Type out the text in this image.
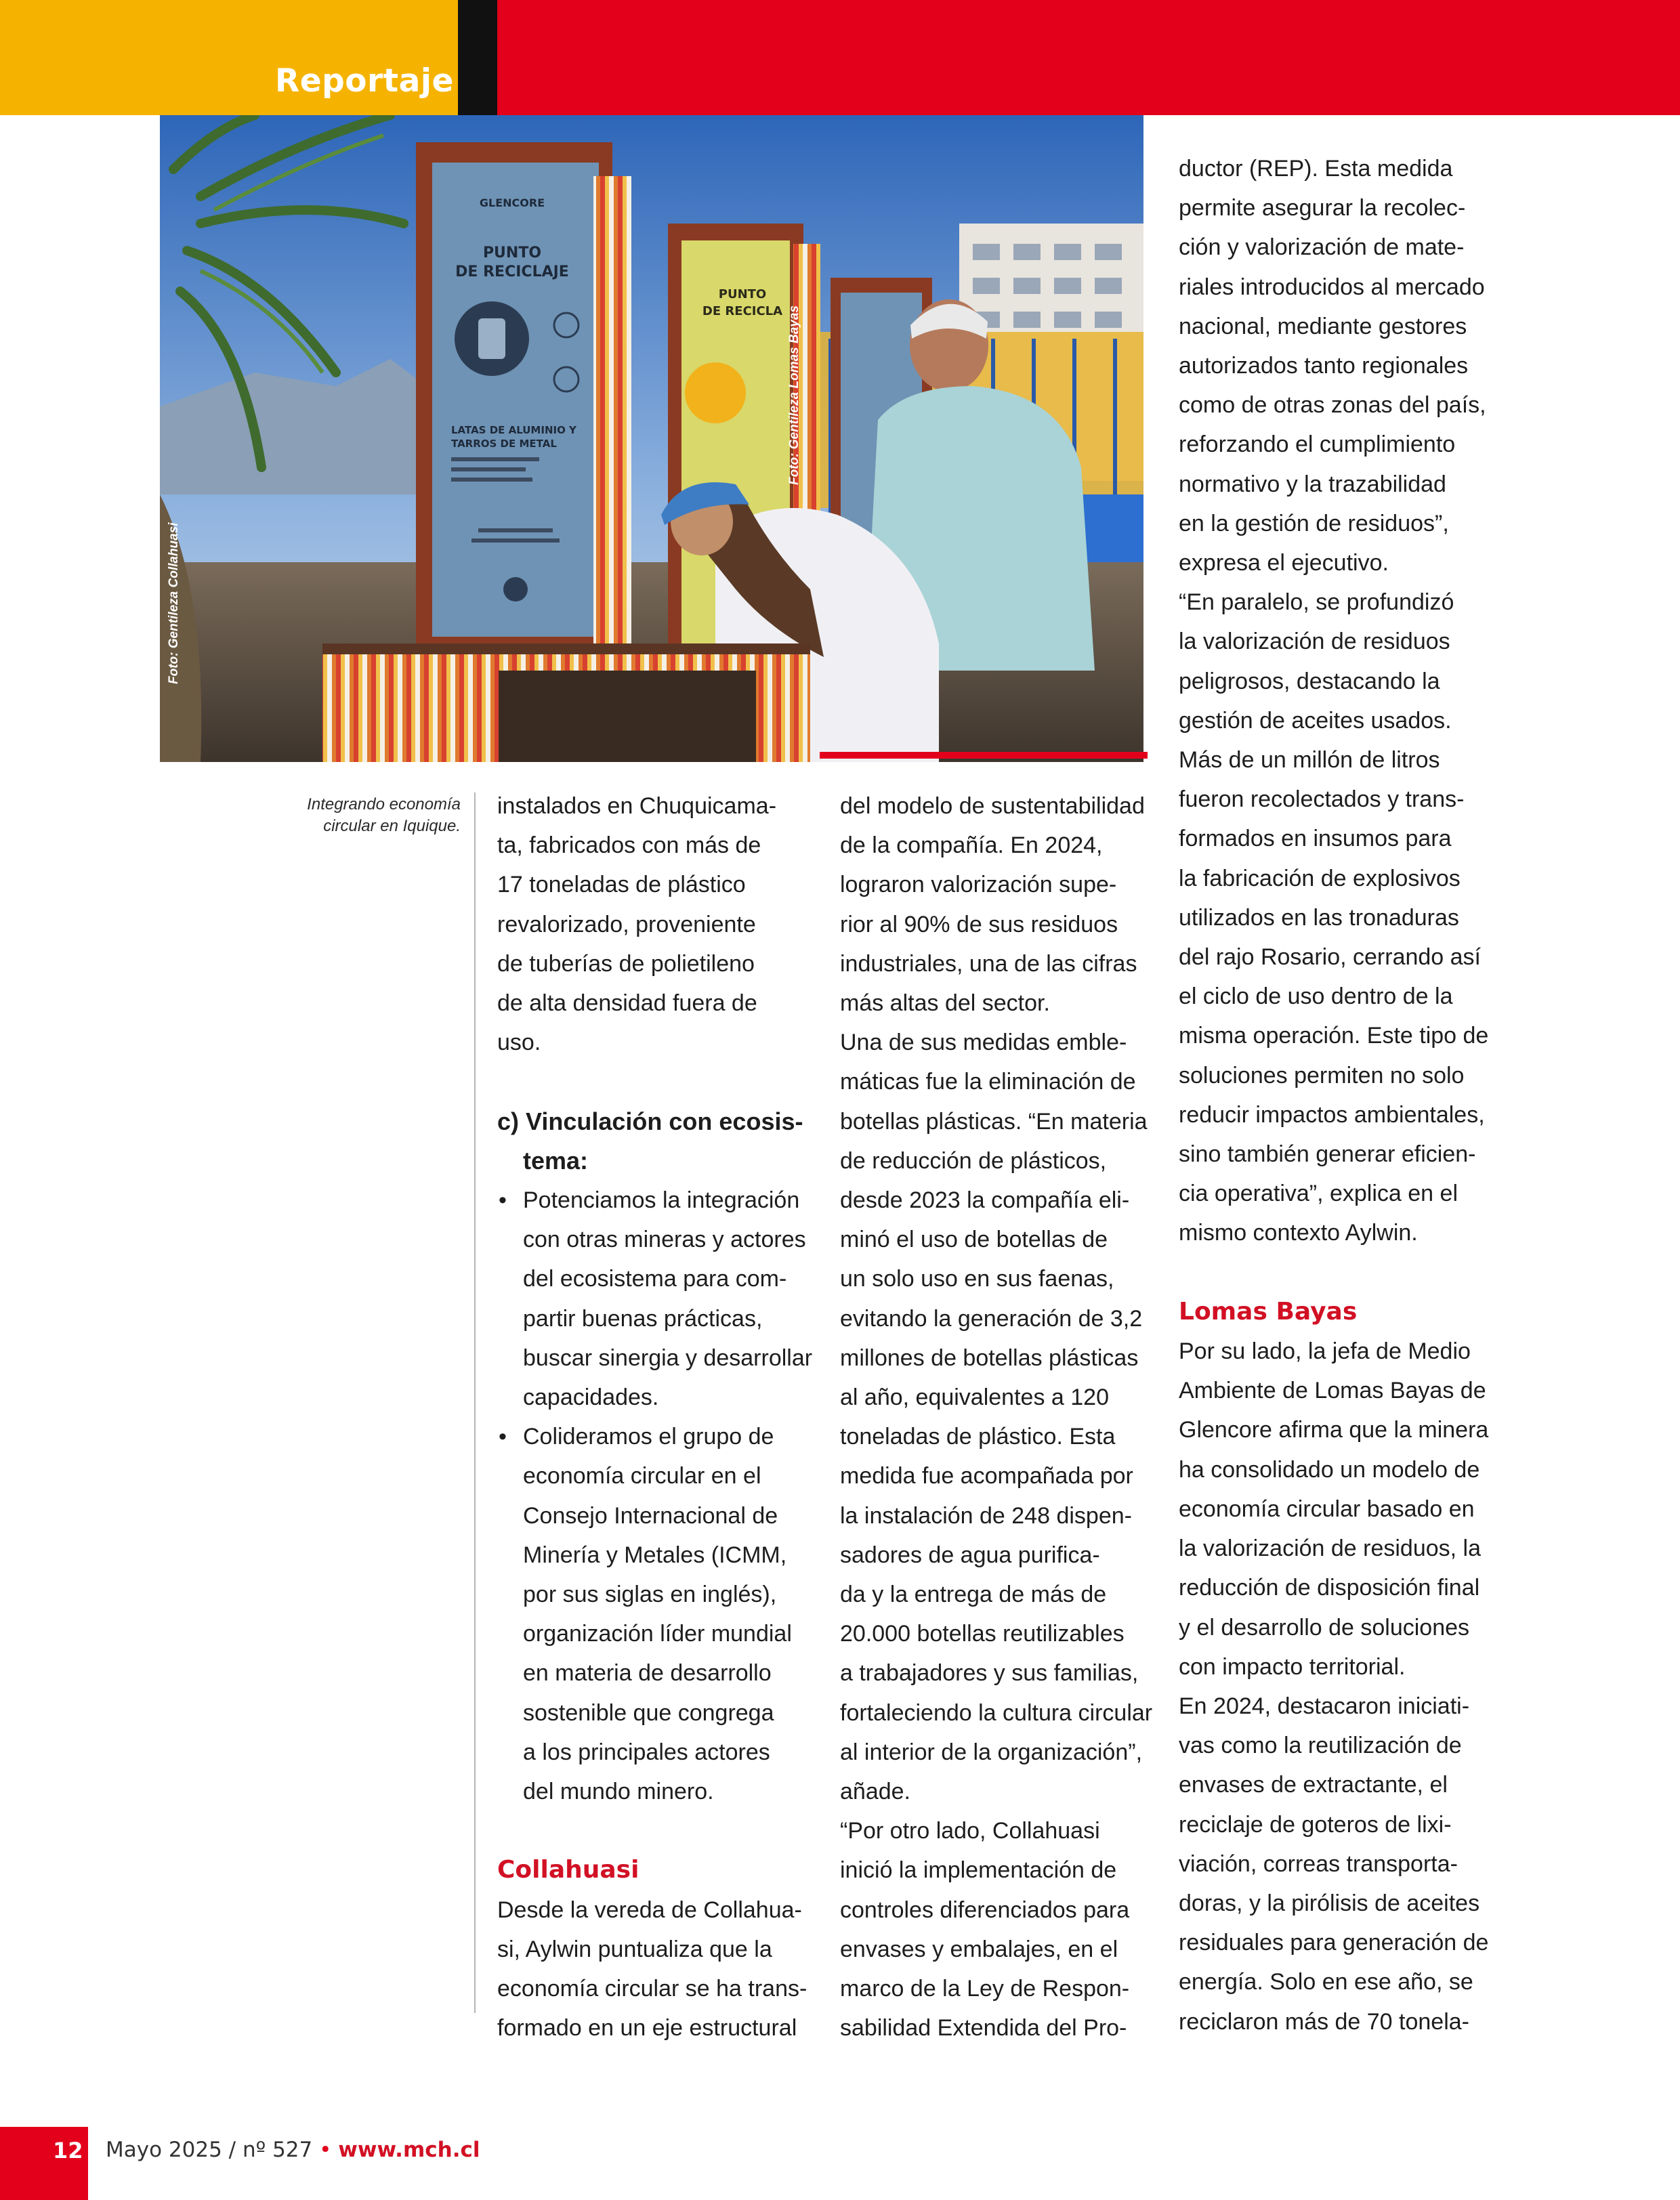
Reportaje
GLENCORE
PUNTO
DE RECICLAJE
LATAS DE ALUMINIO Y
TARROS DE METAL
PUNTO
DE RECICLA
Foto: Gentileza Collahuasi
Foto: Gentileza Lomas Bayas
Integrando economía
circular en Iquique.

instalados en Chuquicama-

ta, fabricados con más de

17 toneladas de plástico

revalorizado, proveniente

de tuberías de polietileno

de alta densidad fuera de

uso.

c) Vinculación con ecosis-

tema:

• Potenciamos la integración

con otras mineras y actores

del ecosistema para com-

partir buenas prácticas,

buscar sinergia y desarrollar

capacidades.

• Colideramos el grupo de

economía circular en el

Consejo Internacional de

Minería y Metales (ICMM,

por sus siglas en inglés),

organización líder mundial

en materia de desarrollo

sostenible que congrega

a los principales actores

del mundo minero.

Collahuasi

Desde la vereda de Collahua-

si, Aylwin puntualiza que la

economía circular se ha trans-

formado en un eje estructural

del modelo de sustentabilidad

de la compañía. En 2024,

lograron valorización supe-

rior al 90% de sus residuos

industriales, una de las cifras

más altas del sector.

Una de sus medidas emble-

máticas fue la eliminación de

botellas plásticas. “En materia

de reducción de plásticos,

desde 2023 la compañía eli-

minó el uso de botellas de

un solo uso en sus faenas,

evitando la generación de 3,2

millones de botellas plásticas

al año, equivalentes a 120

toneladas de plástico. Esta

medida fue acompañada por

la instalación de 248 dispen-

sadores de agua purifica-

da y la entrega de más de

20.000 botellas reutilizables

a trabajadores y sus familias,

fortaleciendo la cultura circular

al interior de la organización”,

añade.

“Por otro lado, Collahuasi

inició la implementación de

controles diferenciados para

envases y embalajes, en el

marco de la Ley de Respon-

sabilidad Extendida del Pro-

ductor (REP). Esta medida

permite asegurar la recolec-

ción y valorización de mate-

riales introducidos al mercado

nacional, mediante gestores

autorizados tanto regionales

como de otras zonas del país,

reforzando el cumplimiento

normativo y la trazabilidad

en la gestión de residuos”,

expresa el ejecutivo.

“En paralelo, se profundizó

la valorización de residuos

peligrosos, destacando la

gestión de aceites usados.

Más de un millón de litros

fueron recolectados y trans-

formados en insumos para

la fabricación de explosivos

utilizados en las tronaduras

del rajo Rosario, cerrando así

el ciclo de uso dentro de la

misma operación. Este tipo de

soluciones permiten no solo

reducir impactos ambientales,

sino también generar eficien-

cia operativa”, explica en el

mismo contexto Aylwin.

Lomas Bayas

Por su lado, la jefa de Medio

Ambiente de Lomas Bayas de

Glencore afirma que la minera

ha consolidado un modelo de

economía circular basado en

la valorización de residuos, la

reducción de disposición final

y el desarrollo de soluciones

con impacto territorial.

En 2024, destacaron iniciati-

vas como la reutilización de

envases de extractante, el

reciclaje de goteros de lixi-

viación, correas transporta-

doras, y la pirólisis de aceites

residuales para generación de

energía. Solo en ese año, se

reciclaron más de 70 tonela-

12 Mayo 2025 / nº 527 • www.mch.cl
